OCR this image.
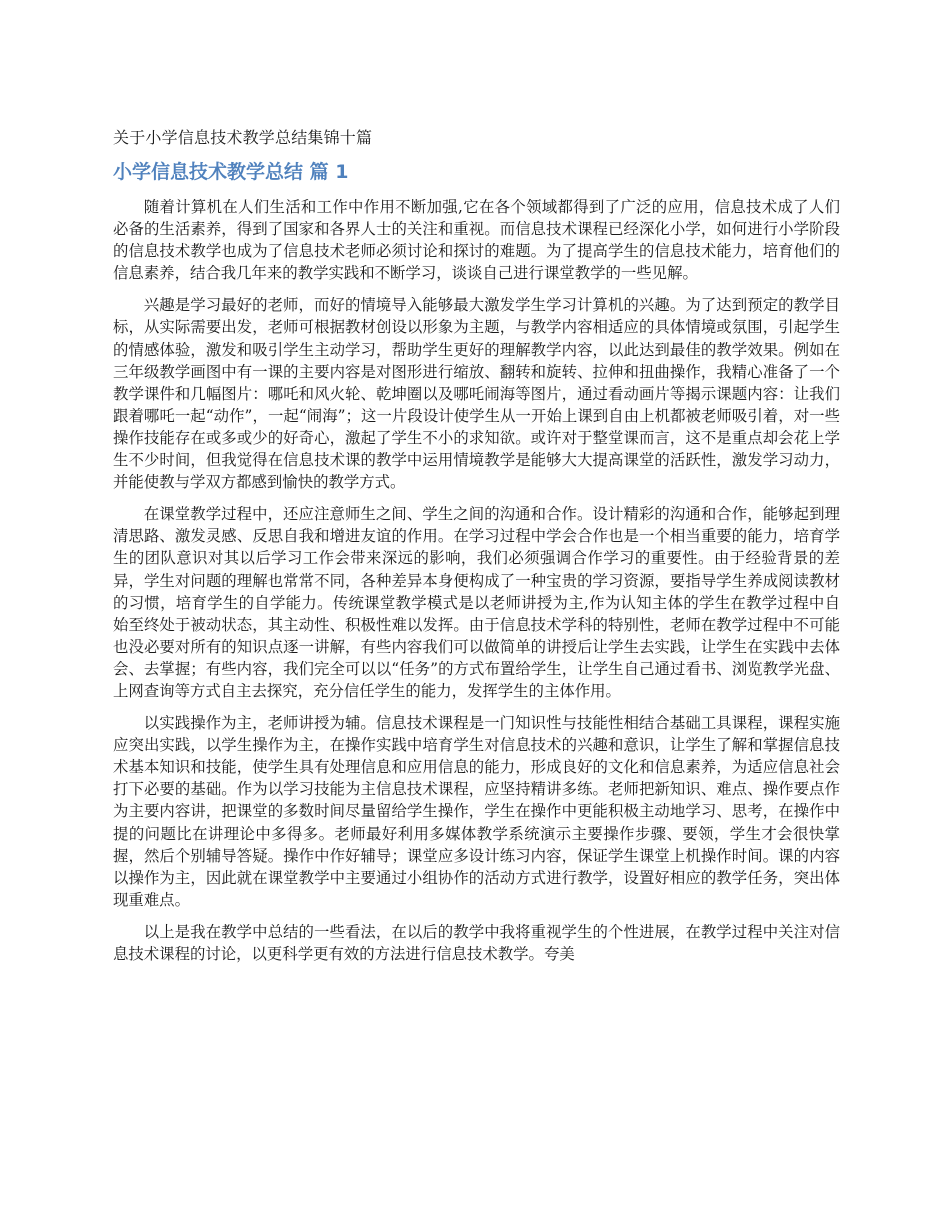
关于小学信息技术教学总结集锦十篇
小学信息技术教学总结 篇 1

随着计算机在人们生活和工作中作用不断加强,它在各个领域都得到了广泛的应用，信息技术成了人们必备的生活素养，得到了国家和各界人士的关注和重视。而信息技术课程已经深化小学，如何进行小学阶段的信息技术教学也成为了信息技术老师必须讨论和探讨的难题。为了提高学生的信息技术能力，培育他们的信息素养，结合我几年来的教学实践和不断学习，谈谈自己进行课堂教学的一些见解。

兴趣是学习最好的老师，而好的情境导入能够最大激发学生学习计算机的兴趣。为了达到预定的教学目标，从实际需要出发，老师可根据教材创设以形象为主题，与教学内容相适应的具体情境或氛围，引起学生的情感体验，激发和吸引学生主动学习，帮助学生更好的理解教学内容，以此达到最佳的教学效果。例如在三年级教学画图中有一课的主要内容是对图形进行缩放、翻转和旋转、拉伸和扭曲操作，我精心准备了一个教学课件和几幅图片：哪吒和风火轮、乾坤圈以及哪吒闹海等图片，通过看动画片等揭示课题内容：让我们跟着哪吒一起“动作”，一起“闹海”；这一片段设计使学生从一开始上课到自由上机都被老师吸引着，对一些操作技能存在或多或少的好奇心，激起了学生不小的求知欲。或许对于整堂课而言，这不是重点却会花上学生不少时间，但我觉得在信息技术课的教学中运用情境教学是能够大大提高课堂的活跃性，激发学习动力，并能使教与学双方都感到愉快的教学方式。

在课堂教学过程中，还应注意师生之间、学生之间的沟通和合作。设计精彩的沟通和合作，能够起到理清思路、激发灵感、反思自我和增进友谊的作用。在学习过程中学会合作也是一个相当重要的能力，培育学生的团队意识对其以后学习工作会带来深远的影响，我们必须强调合作学习的重要性。由于经验背景的差异，学生对问题的理解也常常不同，各种差异本身便构成了一种宝贵的学习资源，要指导学生养成阅读教材的习惯，培育学生的自学能力。传统课堂教学模式是以老师讲授为主,作为认知主体的学生在教学过程中自始至终处于被动状态，其主动性、积极性难以发挥。由于信息技术学科的特别性，老师在教学过程中不可能也没必要对所有的知识点逐一讲解，有些内容我们可以做简单的讲授后让学生去实践，让学生在实践中去体会、去掌握；有些内容，我们完全可以以“任务”的方式布置给学生，让学生自己通过看书、浏览教学光盘、上网查询等方式自主去探究，充分信任学生的能力，发挥学生的主体作用。

以实践操作为主，老师讲授为辅。信息技术课程是一门知识性与技能性相结合基础工具课程，课程实施应突出实践，以学生操作为主，在操作实践中培育学生对信息技术的兴趣和意识，让学生了解和掌握信息技术基本知识和技能，使学生具有处理信息和应用信息的能力，形成良好的文化和信息素养，为适应信息社会打下必要的基础。作为以学习技能为主信息技术课程，应坚持精讲多练。老师把新知识、难点、操作要点作为主要内容讲，把课堂的多数时间尽量留给学生操作，学生在操作中更能积极主动地学习、思考，在操作中提的问题比在讲理论中多得多。老师最好利用多媒体教学系统演示主要操作步骤、要领，学生才会很快掌握，然后个别辅导答疑。操作中作好辅导；课堂应多设计练习内容，保证学生课堂上机操作时间。课的内容以操作为主，因此就在课堂教学中主要通过小组协作的活动方式进行教学，设置好相应的教学任务，突出体现重难点。

以上是我在教学中总结的一些看法，在以后的教学中我将重视学生的个性进展，在教学过程中关注对信息技术课程的讨论，以更科学更有效的方法进行信息技术教学。夸美
